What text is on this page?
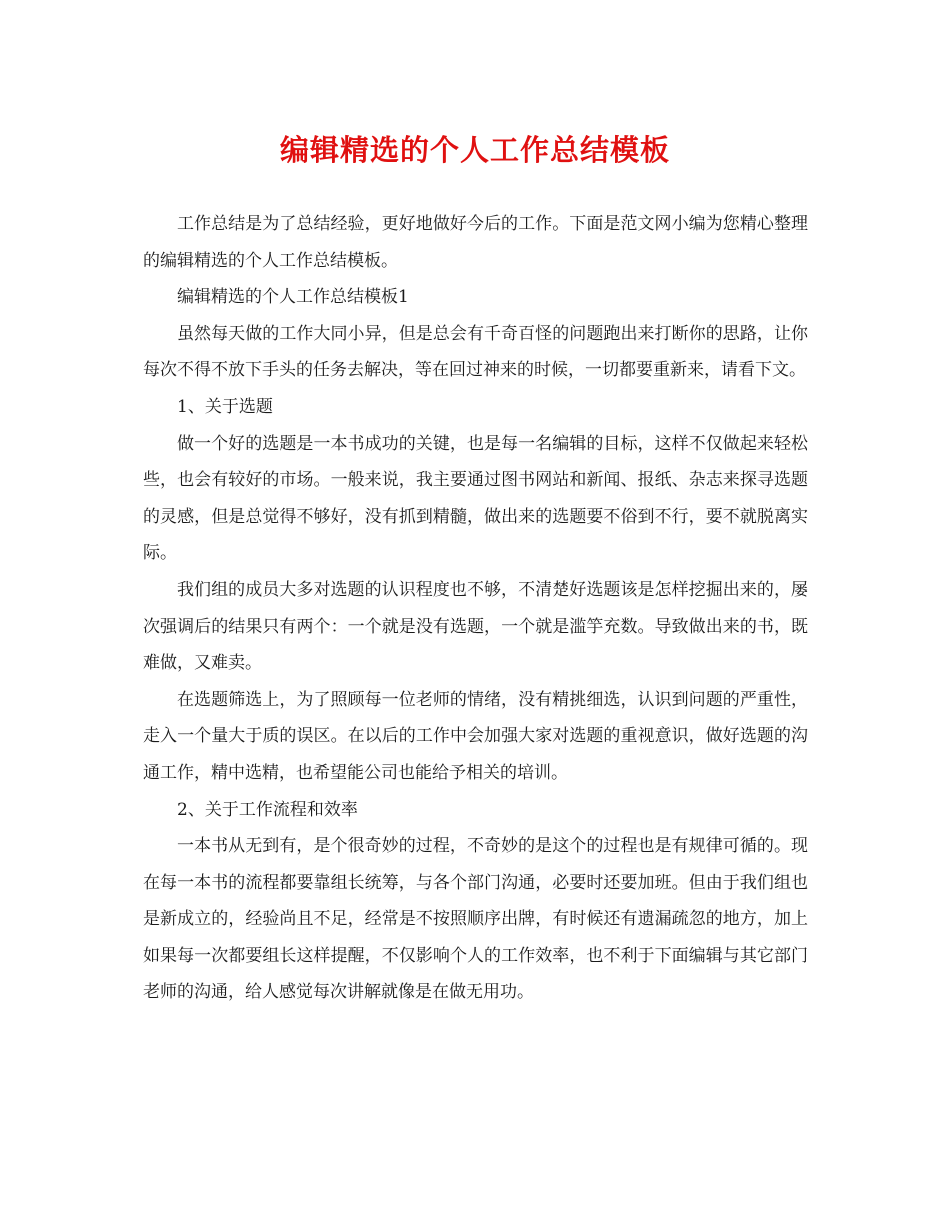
编辑精选的个人工作总结模板

工作总结是为了总结经验，更好地做好今后的工作。下面是范文网小编为您精心整理的编辑精选的个人工作总结模板。

编辑精选的个人工作总结模板1

虽然每天做的工作大同小异，但是总会有千奇百怪的问题跑出来打断你的思路，让你每次不得不放下手头的任务去解决，等在回过神来的时候，一切都要重新来，请看下文。

1、关于选题

做一个好的选题是一本书成功的关键，也是每一名编辑的目标，这样不仅做起来轻松些，也会有较好的市场。一般来说，我主要通过图书网站和新闻、报纸、杂志来探寻选题的灵感，但是总觉得不够好，没有抓到精髓，做出来的选题要不俗到不行，要不就脱离实际。

我们组的成员大多对选题的认识程度也不够，不清楚好选题该是怎样挖掘出来的，屡次强调后的结果只有两个：一个就是没有选题，一个就是滥竽充数。导致做出来的书，既难做，又难卖。

在选题筛选上，为了照顾每一位老师的情绪，没有精挑细选，认识到问题的严重性，走入一个量大于质的误区。在以后的工作中会加强大家对选题的重视意识，做好选题的沟通工作，精中选精，也希望能公司也能给予相关的培训。

2、关于工作流程和效率

一本书从无到有，是个很奇妙的过程，不奇妙的是这个的过程也是有规律可循的。现在每一本书的流程都要靠组长统筹，与各个部门沟通，必要时还要加班。但由于我们组也是新成立的，经验尚且不足，经常是不按照顺序出牌，有时候还有遗漏疏忽的地方，加上如果每一次都要组长这样提醒，不仅影响个人的工作效率，也不利于下面编辑与其它部门老师的沟通，给人感觉每次讲解就像是在做无用功。
